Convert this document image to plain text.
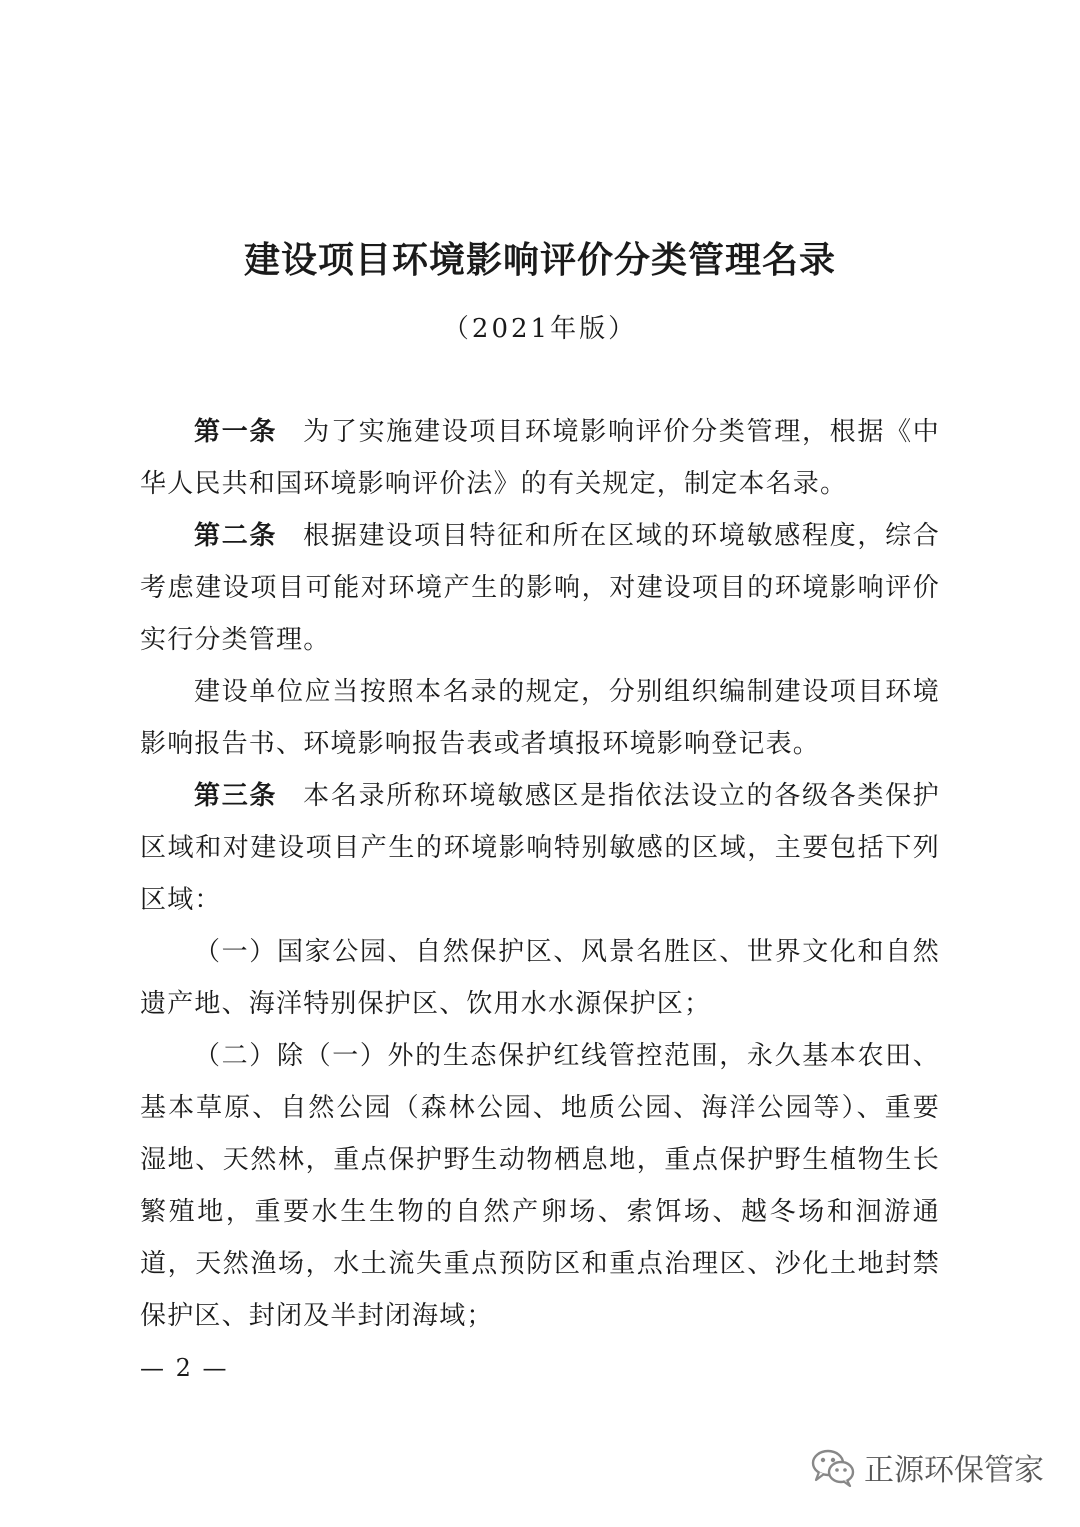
建设项目环境影响评价分类管理名录
（2021年版）

第一条 为了实施建设项目环境影响评价分类管理，根据《中华人民共和国环境影响评价法》的有关规定，制定本名录。

第二条 根据建设项目特征和所在区域的环境敏感程度，综合考虑建设项目可能对环境产生的影响，对建设项目的环境影响评价实行分类管理。

建设单位应当按照本名录的规定，分别组织编制建设项目环境影响报告书、环境影响报告表或者填报环境影响登记表。

第三条 本名录所称环境敏感区是指依法设立的各级各类保护区域和对建设项目产生的环境影响特别敏感的区域，主要包括下列区域：

（一）国家公园、自然保护区、风景名胜区、世界文化和自然遗产地、海洋特别保护区、饮用水水源保护区；

（二）除（一）外的生态保护红线管控范围，永久基本农田、基本草原、自然公园（森林公园、地质公园、海洋公园等）、重要湿地、天然林，重点保护野生动物栖息地，重点保护野生植物生长繁殖地，重要水生生物的自然产卵场、索饵场、越冬场和洄游通道，天然渔场，水土流失重点预防区和重点治理区、沙化土地封禁保护区、封闭及半封闭海域；

— 2 —
正源环保管家
